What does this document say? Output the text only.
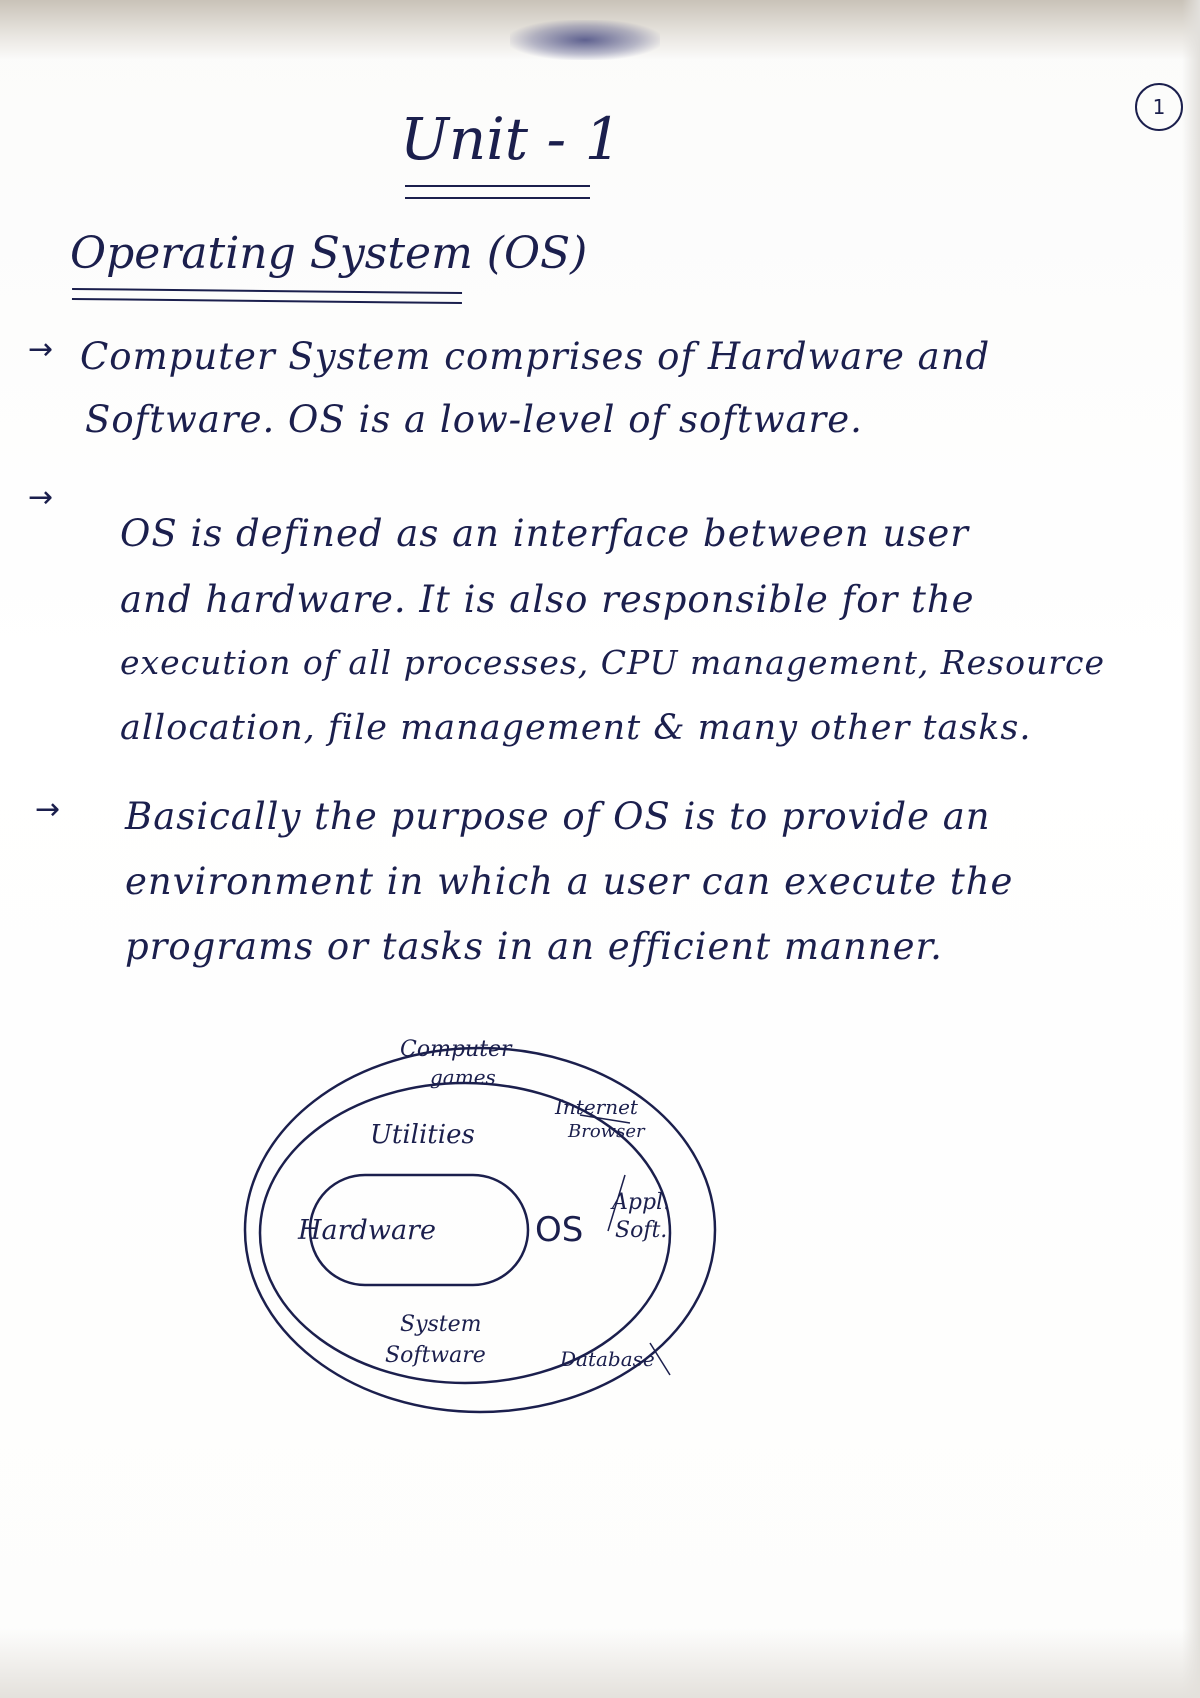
1
Unit - 1
Operating System (OS)
→ Computer System comprises of Hardware and
Software. OS is a low-level of software.
→
OS is defined as an interface between user
and hardware. It is also responsible for the
execution of all processes, CPU management, Resource
allocation, file management & many other tasks.
→ Basically the purpose of OS is to provide an
environment in which a user can execute the
programs or tasks in an efficient manner.
Computer
games
Internet
Browser
Utilities
Hardware	OS
Appl.
Soft.
System
Software	Database
